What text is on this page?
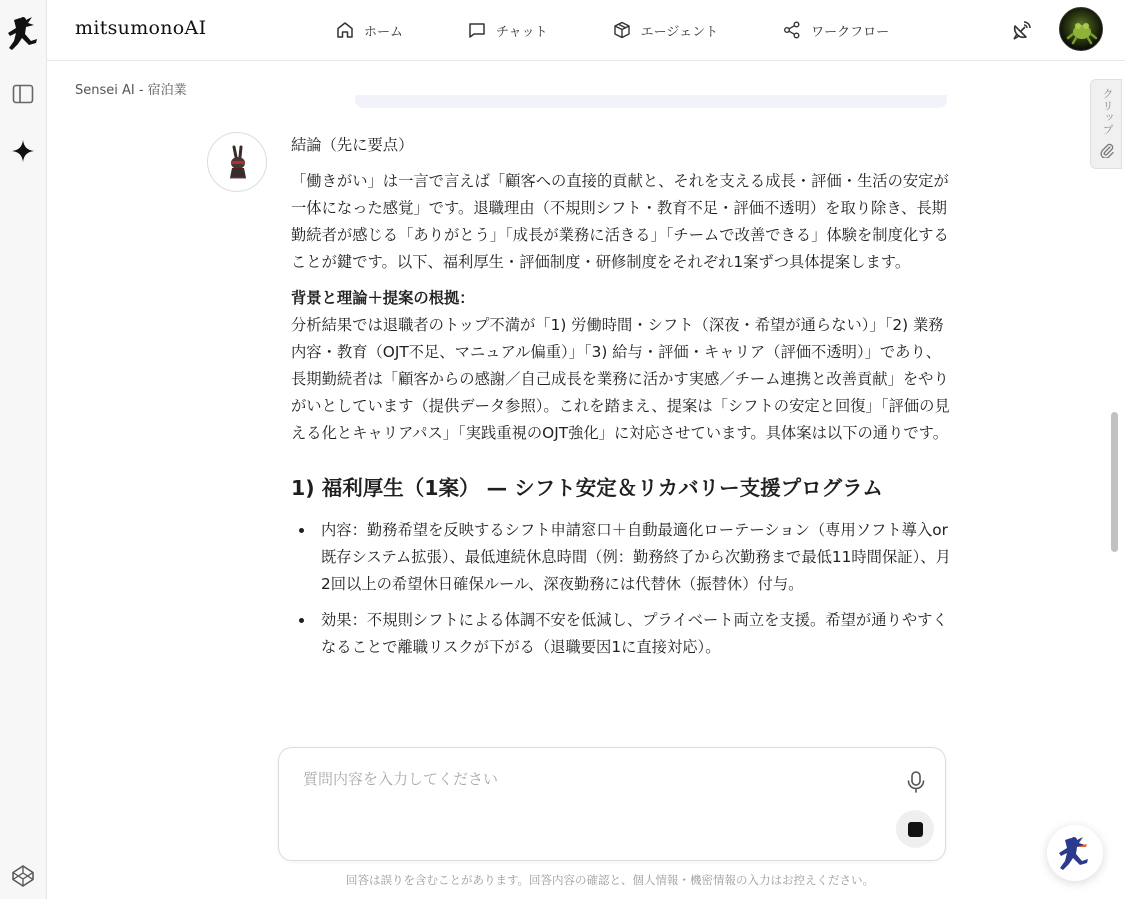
mitsumonoAI	ホーム	チャット	エージェント	ワークフロー
Sensei AI - 宿泊業

結論（先に要点）

「働きがい」は一言で言えば「顧客への直接的貢献と、それを支える成長・評価・生活の安定が一体になった感覚」です。退職理由（不規則シフト・教育不足・評価不透明）を取り除き、長期勤続者が感じる「ありがとう」「成長が業務に活きる」「チームで改善できる」体験を制度化することが鍵です。以下、福利厚生・評価制度・研修制度をそれぞれ1案ずつ具体提案します。

背景と理論＋提案の根拠：

分析結果では退職者のトップ不満が「1) 労働時間・シフト（深夜・希望が通らない）」「2) 業務内容・教育（OJT不足、マニュアル偏重）」「3) 給与・評価・キャリア（評価不透明）」であり、長期勤続者は「顧客からの感謝／自己成長を業務に活かす実感／チーム連携と改善貢献」をやりがいとしています（提供データ参照）。これを踏まえ、提案は「シフトの安定と回復」「評価の見える化とキャリアパス」「実践重視のOJT強化」に対応させています。具体案は以下の通りです。

1) 福利厚生（1案） — シフト安定＆リカバリー支援プログラム
内容：勤務希望を反映するシフト申請窓口＋自動最適化ローテーション（専用ソフト導入or既存システム拡張）、最低連続休息時間（例：勤務終了から次勤務まで最低11時間保証）、月2回以上の希望休日確保ルール、深夜勤務には代替休（振替休）付与。
効果：不規則シフトによる体調不安を低減し、プライベート両立を支援。希望が通りやすくなることで離職リスクが下がる（退職要因1に直接対応）。
クリップ
質問内容を入力してください
回答は誤りを含むことがあります。回答内容の確認と、個人情報・機密情報の入力はお控えください。
